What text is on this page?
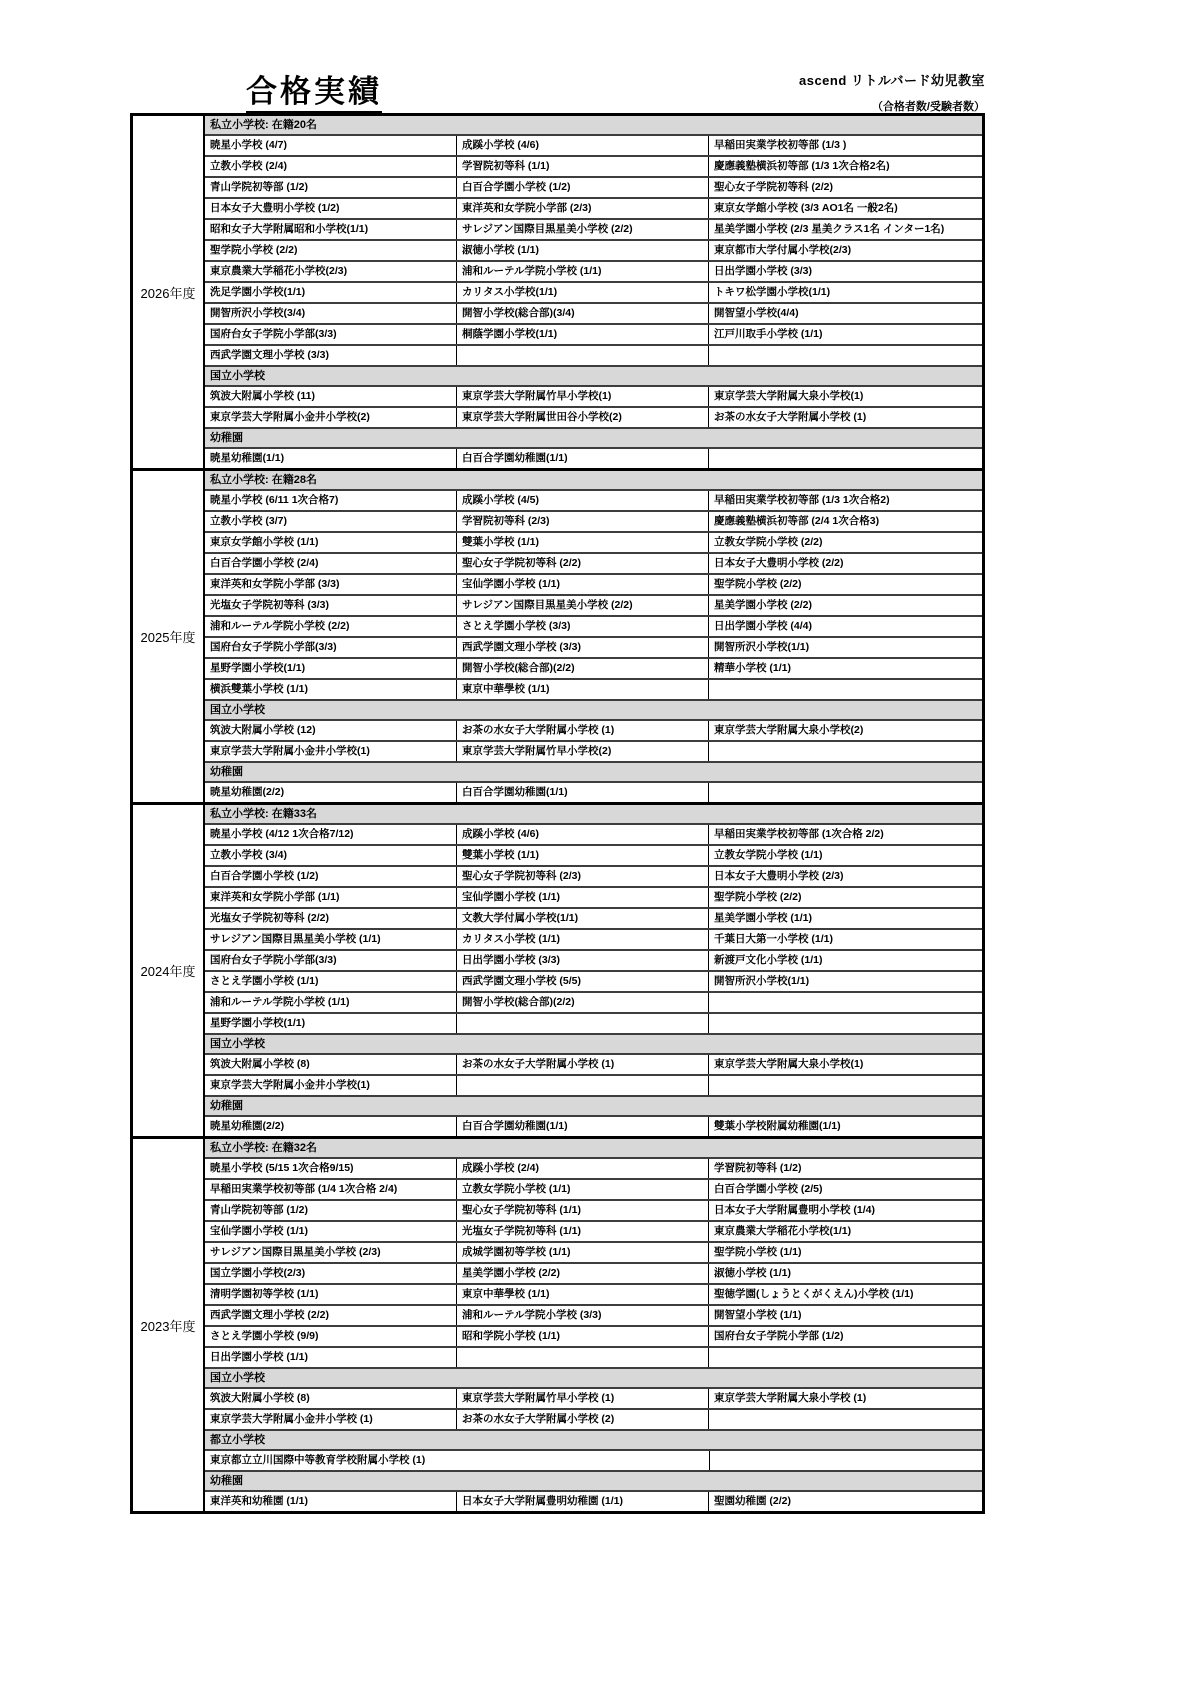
合格実績	ascend リトルバード幼児教室
（合格者数/受験者数）
2026年度
私立小学校: 在籍20名
暁星小学校 (4/7)	成蹊小学校 (4/6)	早稲田実業学校初等部 (1/3 )
立教小学校 (2/4)	学習院初等科 (1/1)	慶應義塾横浜初等部 (1/3 1次合格2名)
青山学院初等部 (1/2)	白百合学園小学校 (1/2)	聖心女子学院初等科 (2/2)
日本女子大豊明小学校 (1/2)	東洋英和女学院小学部 (2/3)	東京女学館小学校 (3/3 AO1名 一般2名)
昭和女子大学附属昭和小学校(1/1)	サレジアン国際目黒星美小学校 (2/2)	星美学園小学校 (2/3 星美クラス1名 インター1名)
聖学院小学校 (2/2)	淑徳小学校 (1/1)	東京都市大学付属小学校(2/3)
東京農業大学稲花小学校(2/3)	浦和ルーテル学院小学校 (1/1)	日出学園小学校 (3/3)
洗足学園小学校(1/1)	カリタス小学校(1/1)	トキワ松学園小学校(1/1)
開智所沢小学校(3/4)	開智小学校(総合部)(3/4)	開智望小学校(4/4)
国府台女子学院小学部(3/3)	桐蔭学園小学校(1/1)	江戸川取手小学校 (1/1)
西武学園文理小学校 (3/3)
国立小学校
筑波大附属小学校 (11)	東京学芸大学附属竹早小学校(1)	東京学芸大学附属大泉小学校(1)
東京学芸大学附属小金井小学校(2)	東京学芸大学附属世田谷小学校(2)	お茶の水女子大学附属小学校 (1)
幼稚園
暁星幼稚園(1/1)	白百合学園幼稚園(1/1)
2025年度
私立小学校: 在籍28名
暁星小学校 (6/11 1次合格7)	成蹊小学校 (4/5)	早稲田実業学校初等部 (1/3 1次合格2)
立教小学校 (3/7)	学習院初等科 (2/3)	慶應義塾横浜初等部 (2/4 1次合格3)
東京女学館小学校 (1/1)	雙葉小学校 (1/1)	立教女学院小学校 (2/2)
白百合学園小学校 (2/4)	聖心女子学院初等科 (2/2)	日本女子大豊明小学校 (2/2)
東洋英和女学院小学部 (3/3)	宝仙学園小学校 (1/1)	聖学院小学校 (2/2)
光塩女子学院初等科 (3/3)	サレジアン国際目黒星美小学校 (2/2)	星美学園小学校 (2/2)
浦和ルーテル学院小学校 (2/2)	さとえ学園小学校 (3/3)	日出学園小学校 (4/4)
国府台女子学院小学部(3/3)	西武学園文理小学校 (3/3)	開智所沢小学校(1/1)
星野学園小学校(1/1)	開智小学校(総合部)(2/2)	精華小学校 (1/1)
横浜雙葉小学校 (1/1)	東京中華學校 (1/1)
国立小学校
筑波大附属小学校 (12)	お茶の水女子大学附属小学校 (1)	東京学芸大学附属大泉小学校(2)
東京学芸大学附属小金井小学校(1)	東京学芸大学附属竹早小学校(2)
幼稚園
暁星幼稚園(2/2)	白百合学園幼稚園(1/1)
2024年度
私立小学校: 在籍33名
暁星小学校 (4/12 1次合格7/12)	成蹊小学校 (4/6)	早稲田実業学校初等部 (1次合格 2/2)
立教小学校 (3/4)	雙葉小学校 (1/1)	立教女学院小学校 (1/1)
白百合学園小学校 (1/2)	聖心女子学院初等科 (2/3)	日本女子大豊明小学校 (2/3)
東洋英和女学院小学部 (1/1)	宝仙学園小学校 (1/1)	聖学院小学校 (2/2)
光塩女子学院初等科 (2/2)	文教大学付属小学校(1/1)	星美学園小学校 (1/1)
サレジアン国際目黒星美小学校 (1/1)	カリタス小学校 (1/1)	千葉日大第一小学校 (1/1)
国府台女子学院小学部(3/3)	日出学園小学校 (3/3)	新渡戸文化小学校 (1/1)
さとえ学園小学校 (1/1)	西武学園文理小学校 (5/5)	開智所沢小学校(1/1)
浦和ルーテル学院小学校 (1/1)	開智小学校(総合部)(2/2)
星野学園小学校(1/1)
国立小学校
筑波大附属小学校 (8)	お茶の水女子大学附属小学校 (1)	東京学芸大学附属大泉小学校(1)
東京学芸大学附属小金井小学校(1)
幼稚園
暁星幼稚園(2/2)	白百合学園幼稚園(1/1)	雙葉小学校附属幼稚園(1/1)
2023年度
私立小学校: 在籍32名
暁星小学校 (5/15 1次合格9/15)	成蹊小学校 (2/4)	学習院初等科 (1/2)
早稲田実業学校初等部 (1/4 1次合格 2/4)	立教女学院小学校 (1/1)	白百合学園小学校 (2/5)
青山学院初等部 (1/2)	聖心女子学院初等科 (1/1)	日本女子大学附属豊明小学校 (1/4)
宝仙学園小学校 (1/1)	光塩女子学院初等科 (1/1)	東京農業大学稲花小学校(1/1)
サレジアン国際目黒星美小学校 (2/3)	成城学園初等学校 (1/1)	聖学院小学校 (1/1)
国立学園小学校(2/3)	星美学園小学校 (2/2)	淑徳小学校 (1/1)
清明学園初等学校 (1/1)	東京中華學校 (1/1)	聖徳学園(しょうとくがくえん)小学校 (1/1)
西武学園文理小学校 (2/2)	浦和ルーテル学院小学校 (3/3)	開智望小学校 (1/1)
さとえ学園小学校 (9/9)	昭和学院小学校 (1/1)	国府台女子学院小学部 (1/2)
日出学園小学校 (1/1)
国立小学校
筑波大附属小学校 (8)	東京学芸大学附属竹早小学校 (1)	東京学芸大学附属大泉小学校 (1)
東京学芸大学附属小金井小学校 (1)	お茶の水女子大学附属小学校 (2)
都立小学校
東京都立立川国際中等教育学校附属小学校 (1)
幼稚園
東洋英和幼稚園 (1/1)	日本女子大学附属豊明幼稚園 (1/1)	聖園幼稚園 (2/2)
